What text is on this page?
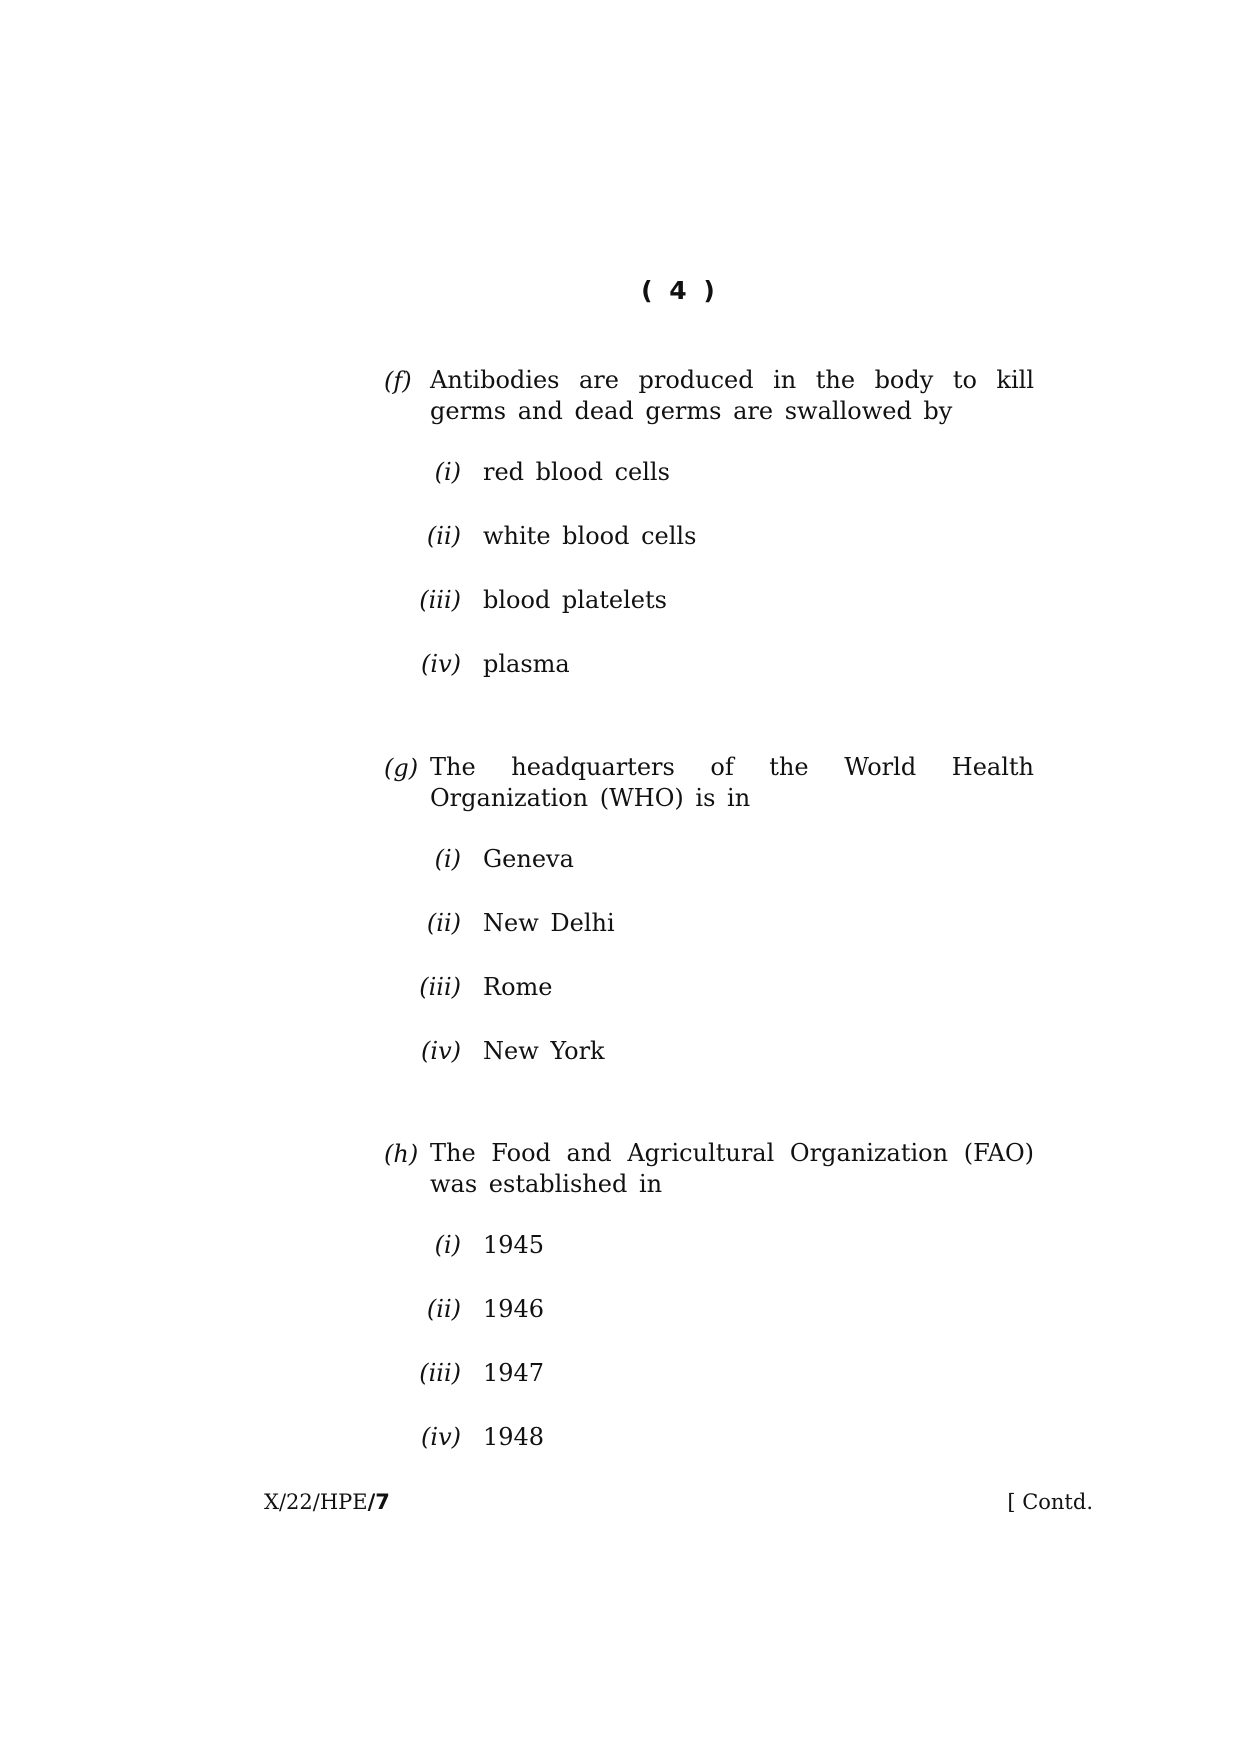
( 4 )
(f) Antibodies are produced in the body to kill
germs and dead germs are swallowed by
(i) red blood cells
(ii) white blood cells
(iii) blood platelets
(iv) plasma
(g) The headquarters of the World Health
Organization (WHO) is in
(i) Geneva
(ii) New Delhi
(iii) Rome
(iv) New York
(h) The Food and Agricultural Organization (FAO)
was established in
(i) 1945
(ii) 1946
(iii) 1947
(iv) 1948
X/22/HPE/7	[ Contd.
